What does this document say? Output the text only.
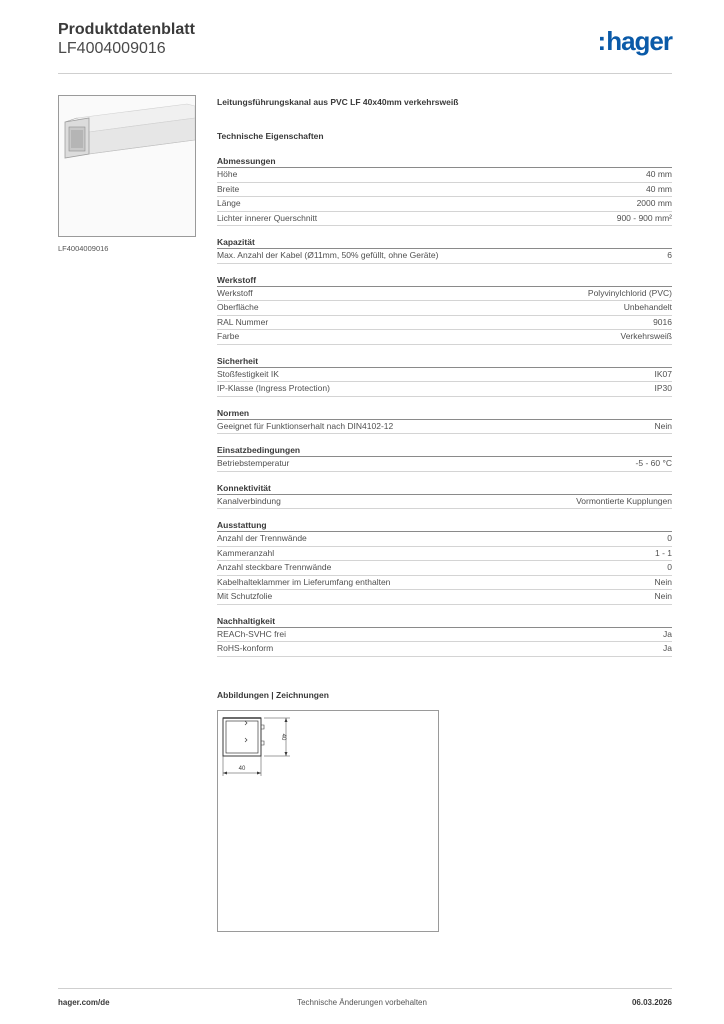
Produktdatenblatt
LF4004009016	:hager
LF4004009016
Leitungsführungskanal aus PVC LF 40x40mm verkehrsweiß
Technische Eigenschaften
Abmessungen
Höhe	40 mm
Breite	40 mm
Länge	2000 mm
Lichter innerer Querschnitt	900 - 900 mm²
Kapazität
Max. Anzahl der Kabel (Ø11mm, 50% gefüllt, ohne Geräte)	6
Werkstoff
Werkstoff	Polyvinylchlorid (PVC)
Oberfläche	Unbehandelt
RAL Nummer	9016
Farbe	Verkehrsweiß
Sicherheit
Stoßfestigkeit IK	IK07
IP-Klasse (Ingress Protection)	IP30
Normen
Geeignet für Funktionserhalt nach DIN4102-12	Nein
Einsatzbedingungen
Betriebstemperatur	-5 - 60 °C
Konnektivität
Kanalverbindung	Vormontierte Kupplungen
Ausstattung
Anzahl der Trennwände	0
Kammeranzahl	1 - 1
Anzahl steckbare Trennwände	0
Kabelhalteklammer im Lieferumfang enthalten	Nein
Mit Schutzfolie	Nein
Nachhaltigkeit
REACh-SVHC frei	Ja
RoHS-konform	Ja
Abbildungen | Zeichnungen
40
40
hager.com/de	Technische Änderungen vorbehalten	06.03.2026
